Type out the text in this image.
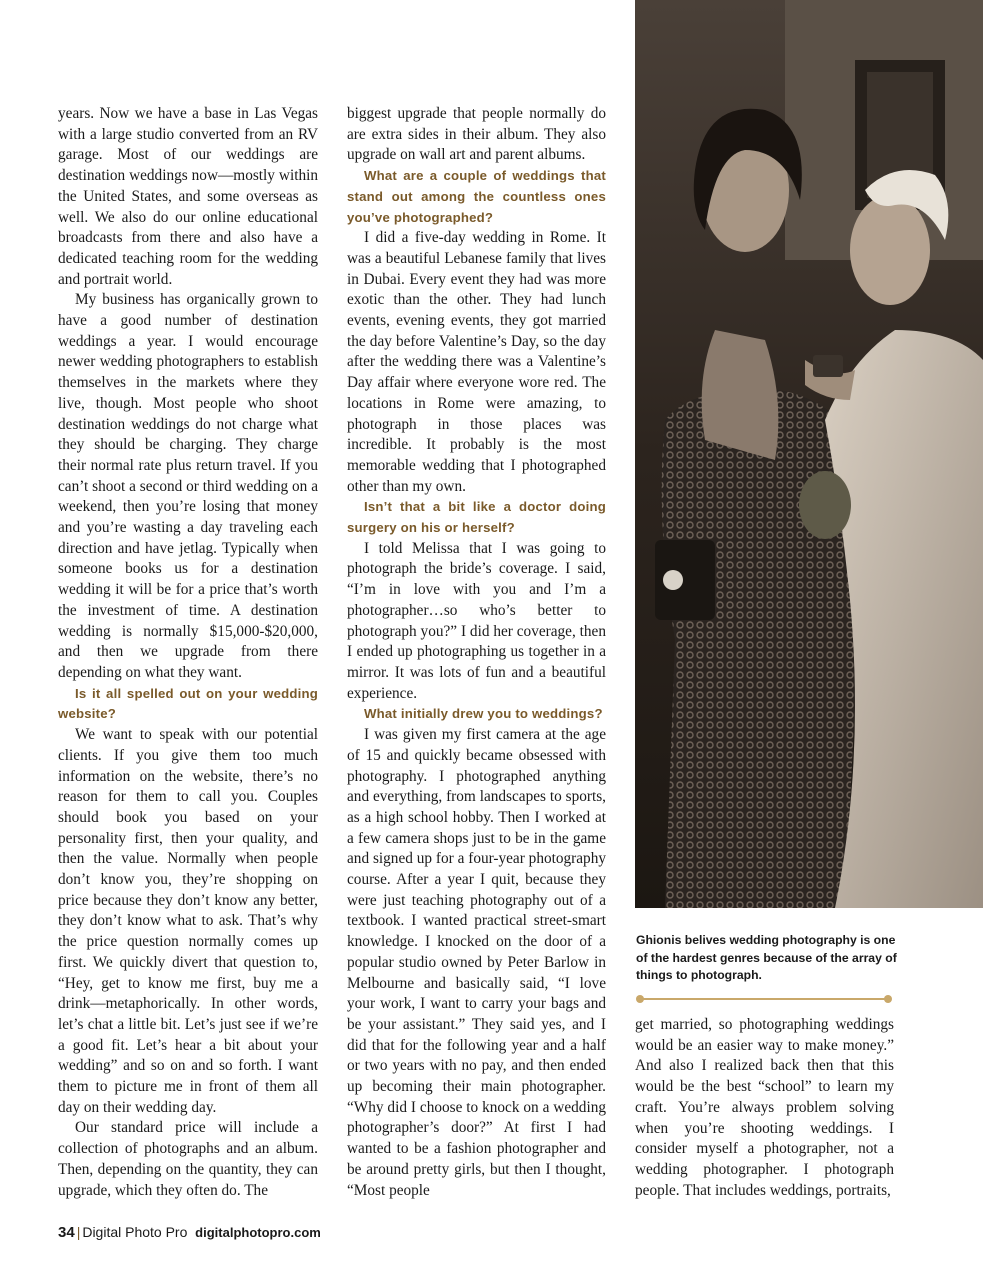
years. Now we have a base in Las Vegas with a large studio converted from an RV garage. Most of our weddings are destination weddings now—mostly within the United States, and some overseas as well. We also do our online educational broadcasts from there and also have a dedicated teaching room for the wedding and portrait world.

My business has organically grown to have a good number of destination weddings a year. I would encourage newer wedding photographers to establish themselves in the markets where they live, though. Most people who shoot destination weddings do not charge what they should be charging. They charge their normal rate plus return travel. If you can’t shoot a second or third wedding on a weekend, then you’re losing that money and you’re wasting a day traveling each direction and have jetlag. Typically when someone books us for a destination wedding it will be for a price that’s worth the investment of time. A destination wedding is normally $15,000-$20,000, and then we upgrade from there depending on what they want.

Is it all spelled out on your wedding website?

We want to speak with our potential clients. If you give them too much information on the website, there’s no reason for them to call you. Couples should book you based on your personality first, then your quality, and then the value. Normally when people don’t know you, they’re shopping on price because they don’t know any better, they don’t know what to ask. That’s why the price question normally comes up first. We quickly divert that question to, “Hey, get to know me first, buy me a drink—metaphorically. In other words, let’s chat a little bit. Let’s just see if we’re a good fit. Let’s hear a bit about your wedding” and so on and so forth. I want them to picture me in front of them all day on their wedding day.

Our standard price will include a collection of photographs and an album. Then, depending on the quantity, they can upgrade, which they often do. The

biggest upgrade that people normally do are extra sides in their album. They also upgrade on wall art and parent albums.

What are a couple of weddings that stand out among the countless ones you’ve photographed?

I did a five-day wedding in Rome. It was a beautiful Lebanese family that lives in Dubai. Every event they had was more exotic than the other. They had lunch events, evening events, they got married the day before Valentine’s Day, so the day after the wedding there was a Valentine’s Day affair where everyone wore red. The locations in Rome were amazing, to photograph in those places was incredible. It probably is the most memorable wedding that I photographed other than my own.

Isn’t that a bit like a doctor doing surgery on his or herself?

I told Melissa that I was going to photograph the bride’s coverage. I said, “I’m in love with you and I’m a photographer…so who’s better to photograph you?” I did her coverage, then I ended up photographing us together in a mirror. It was lots of fun and a beautiful experience.

What initially drew you to weddings?

I was given my first camera at the age of 15 and quickly became obsessed with photography. I photographed anything and everything, from landscapes to sports, as a high school hobby. Then I worked at a few camera shops just to be in the game and signed up for a four-year photography course. After a year I quit, because they were just teaching photography out of a textbook. I wanted practical street-smart knowledge. I knocked on the door of a popular studio owned by Peter Barlow in Melbourne and basically said, “I love your work, I want to carry your bags and be your assistant.” They said yes, and I did that for the following year and a half or two years with no pay, and then ended up becoming their main photographer. “Why did I choose to knock on a wedding photographer’s door?” At first I had wanted to be a fashion photographer and be around pretty girls, but then I thought, “Most people

Ghionis belives wedding photography is one of the hardest genres because of the array of things to photograph.

get married, so photographing weddings would be an easier way to make money.” And also I realized back then that this would be the best “school” to learn my craft. You’re always problem solving when you’re shooting weddings. I consider myself a photographer, not a wedding photographer. I photograph people. That includes weddings, portraits,

34 | Digital Photo Pro digitalphotopro.com
